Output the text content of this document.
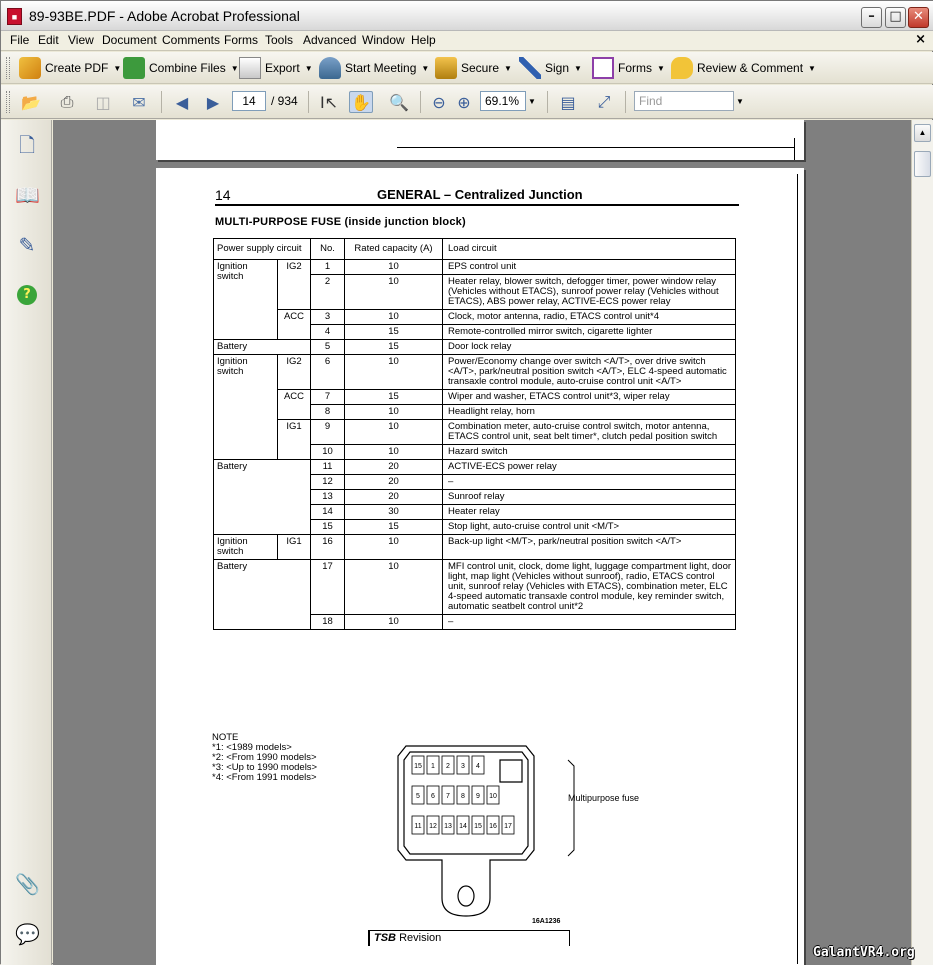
■ 89-93BE.PDF - Adobe Acrobat Professional	–	□ ✕
File Edit View Document Comments Forms Tools Advanced Window Help	×
Create PDF ▼ Combine Files ▼ Export ▼	Start Meeting ▼	Secure ▼	Sign ▼	Forms ▼	Review & Comment ▼
📂	⎙	◫	✉	◀	▶	I↖ ✋ 🔍	⊖ ⊕	▤	⤢
14	/ 934	69.1%	▼	Find	▼
🗋
📖
✎
?
📎
💬
14	GENERAL – Centralized Junction
MULTI-PURPOSE FUSE (inside junction block)
Power supply circuit		No.	Rated capacity (A)	Load circuit
Ignition switch	IG2	1	10	EPS control unit
		2	10	Heater relay, blower switch, defogger timer, power window relay (Vehicles without ETACS), sunroof power relay (Vehicles without ETACS), ABS power relay, ACTIVE-ECS power relay
	ACC	3	10	Clock, motor antenna, radio, ETACS control unit*4
		4	15	Remote-controlled mirror switch, cigarette lighter
Battery		5	15	Door lock relay
Ignition switch	IG2	6	10	Power/Economy change over switch <A/T>, over drive switch <A/T>, park/neutral position switch <A/T>, ELC 4-speed automatic transaxle control module, auto-cruise control unit <A/T>
	ACC	7	15	Wiper and washer, ETACS control unit*3, wiper relay
		8	10	Headlight relay, horn
	IG1	9	10	Combination meter, auto-cruise control switch, motor antenna, ETACS control unit, seat belt timer*, clutch pedal position switch
		10	10	Hazard switch
Battery		11	20	ACTIVE-ECS power relay
		12	20	–
		13	20	Sunroof relay
		14	30	Heater relay
		15	15	Stop light, auto-cruise control unit <M/T>
Ignition switch	IG1	16	10	Back-up light <M/T>, park/neutral position switch <A/T>
Battery		17	10	MFI control unit, clock, dome light, luggage compartment light, door light, map light (Vehicles without sunroof), radio, ETACS control unit, sunroof relay (Vehicles with ETACS), combination meter, ELC 4-speed automatic transaxle control module, key reminder switch, automatic seatbelt control unit*2
		18	10	–
NOTE
*1: <1989 models>
*2: <From 1990 models>
*3: <Up to 1990 models>
*4: <From 1991 models>
15 1 2 3 4
5 6 7 8 9 10
11 12 13 14 15 16 17
Multipurpose fuse
16A1236
TSB Revision
▲
GalantVR4.org
